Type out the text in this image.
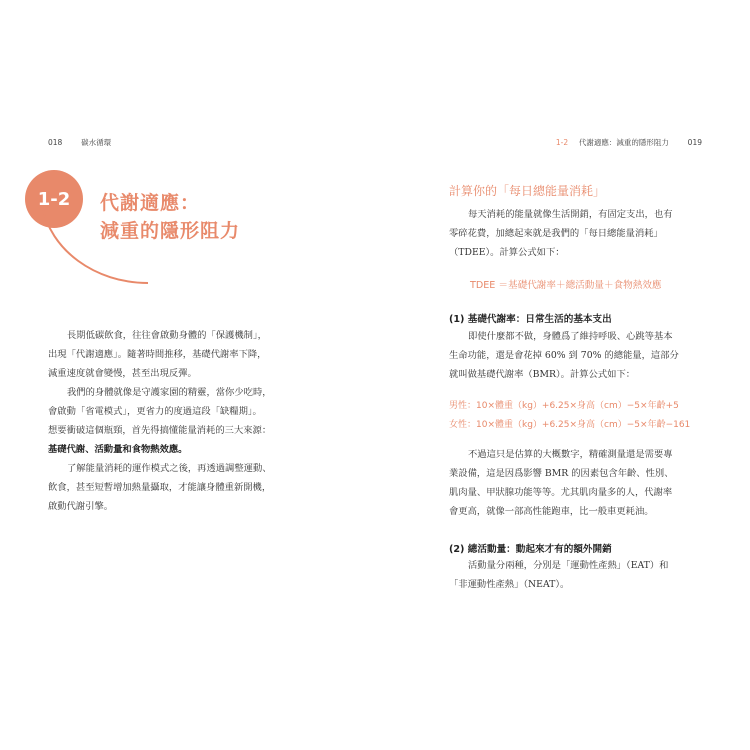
018	碳水循環
1-2 代謝適應：
減重的隱形阻力
長期低碳飲食，往往會啟動身體的「保護機制」，
出現「代謝適應」。隨著時間推移，基礎代謝率下降，
減重速度就會變慢，甚至出現反彈。
我們的身體就像是守護家園的精靈，當你少吃時，
會啟動「省電模式」，更省力的度過這段「缺糧期」。
想要衝破這個瓶頸，首先得搞懂能量消耗的三大來源：
基礎代謝、活動量和食物熱效應。
了解能量消耗的運作模式之後，再透過調整運動、
飲食，甚至短暫增加熱量攝取，才能讓身體重新開機，
啟動代謝引擎。
1-2 代謝適應：減重的隱形阻力	019
計算你的「每日總能量消耗」
每天消耗的能量就像生活開銷，有固定支出，也有
零碎花費，加總起來就是我們的「每日總能量消耗」
（TDEE）。計算公式如下：
TDEE ＝基礎代謝率＋總活動量＋食物熱效應
(1) 基礎代謝率：日常生活的基本支出
即使什麼都不做，身體爲了維持呼吸、心跳等基本
生命功能，還是會花掉 60% 到 70% 的總能量，這部分
就叫做基礎代謝率（BMR）。計算公式如下：
男性：10×體重（kg）+6.25×身高（cm）−5×年齡+5
女性：10×體重（kg）+6.25×身高（cm）−5×年齡−161
不過這只是估算的大概數字，精確測量還是需要專
業設備，這是因爲影響 BMR 的因素包含年齡、性別、
肌肉量、甲狀腺功能等等。尤其肌肉量多的人，代謝率
會更高，就像一部高性能跑車，比一般車更耗油。
(2) 總活動量：動起來才有的額外開銷
活動量分兩種，分別是「運動性產熱」（EAT）和
「非運動性產熱」（NEAT）。
